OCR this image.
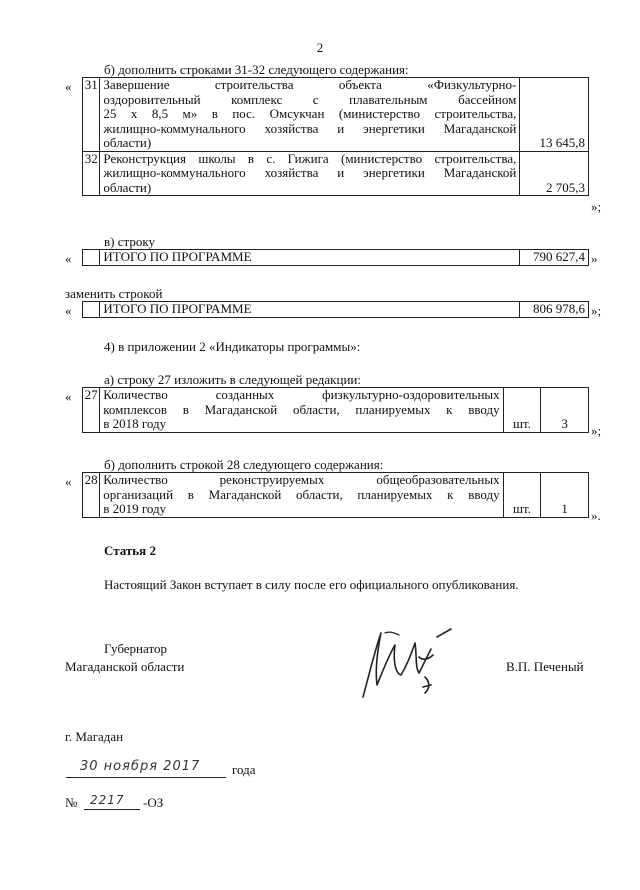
2
б) дополнить строками 31-32 следующего содержания:
« 31	Завершение строительства объекта «Физкультурно-
оздоровительный комплекс с плавательным бассейном
25 x 8,5 м» в пос. Омсукчан (министерство строительства,
жилищно-коммунального хозяйства и энергетики Магаданской
области)	13 645,8
32	Реконструкция школы в с. Гижига (министерство строительства,
жилищно-коммунального хозяйства и энергетики Магаданской
области)	2 705,3
»;
в) строку
«
	ИТОГО ПО ПРОГРАММЕ	790 627,4 »
заменить строкой
«
	ИТОГО ПО ПРОГРАММЕ	806 978,6 »;
4) в приложении 2 «Индикаторы программы»:
а) строку 27 изложить в следующей редакции:
« 27	Количество созданных физкультурно-оздоровительных
комплексов в Магаданской области, планируемых к вводу
в 2018 году	шт.	3 »;
б) дополнить строкой 28 следующего содержания:
« 28	Количество реконструируемых общеобразовательных
организаций в Магаданской области, планируемых к вводу
в 2019 году	шт.	1 ».
Статья 2
Настоящий Закон вступает в силу после его официального опубликования.
Губернатор
Магаданской области	В.П. Печеный
г. Магадан
30 ноября 2017 года
№ 2217 -ОЗ
